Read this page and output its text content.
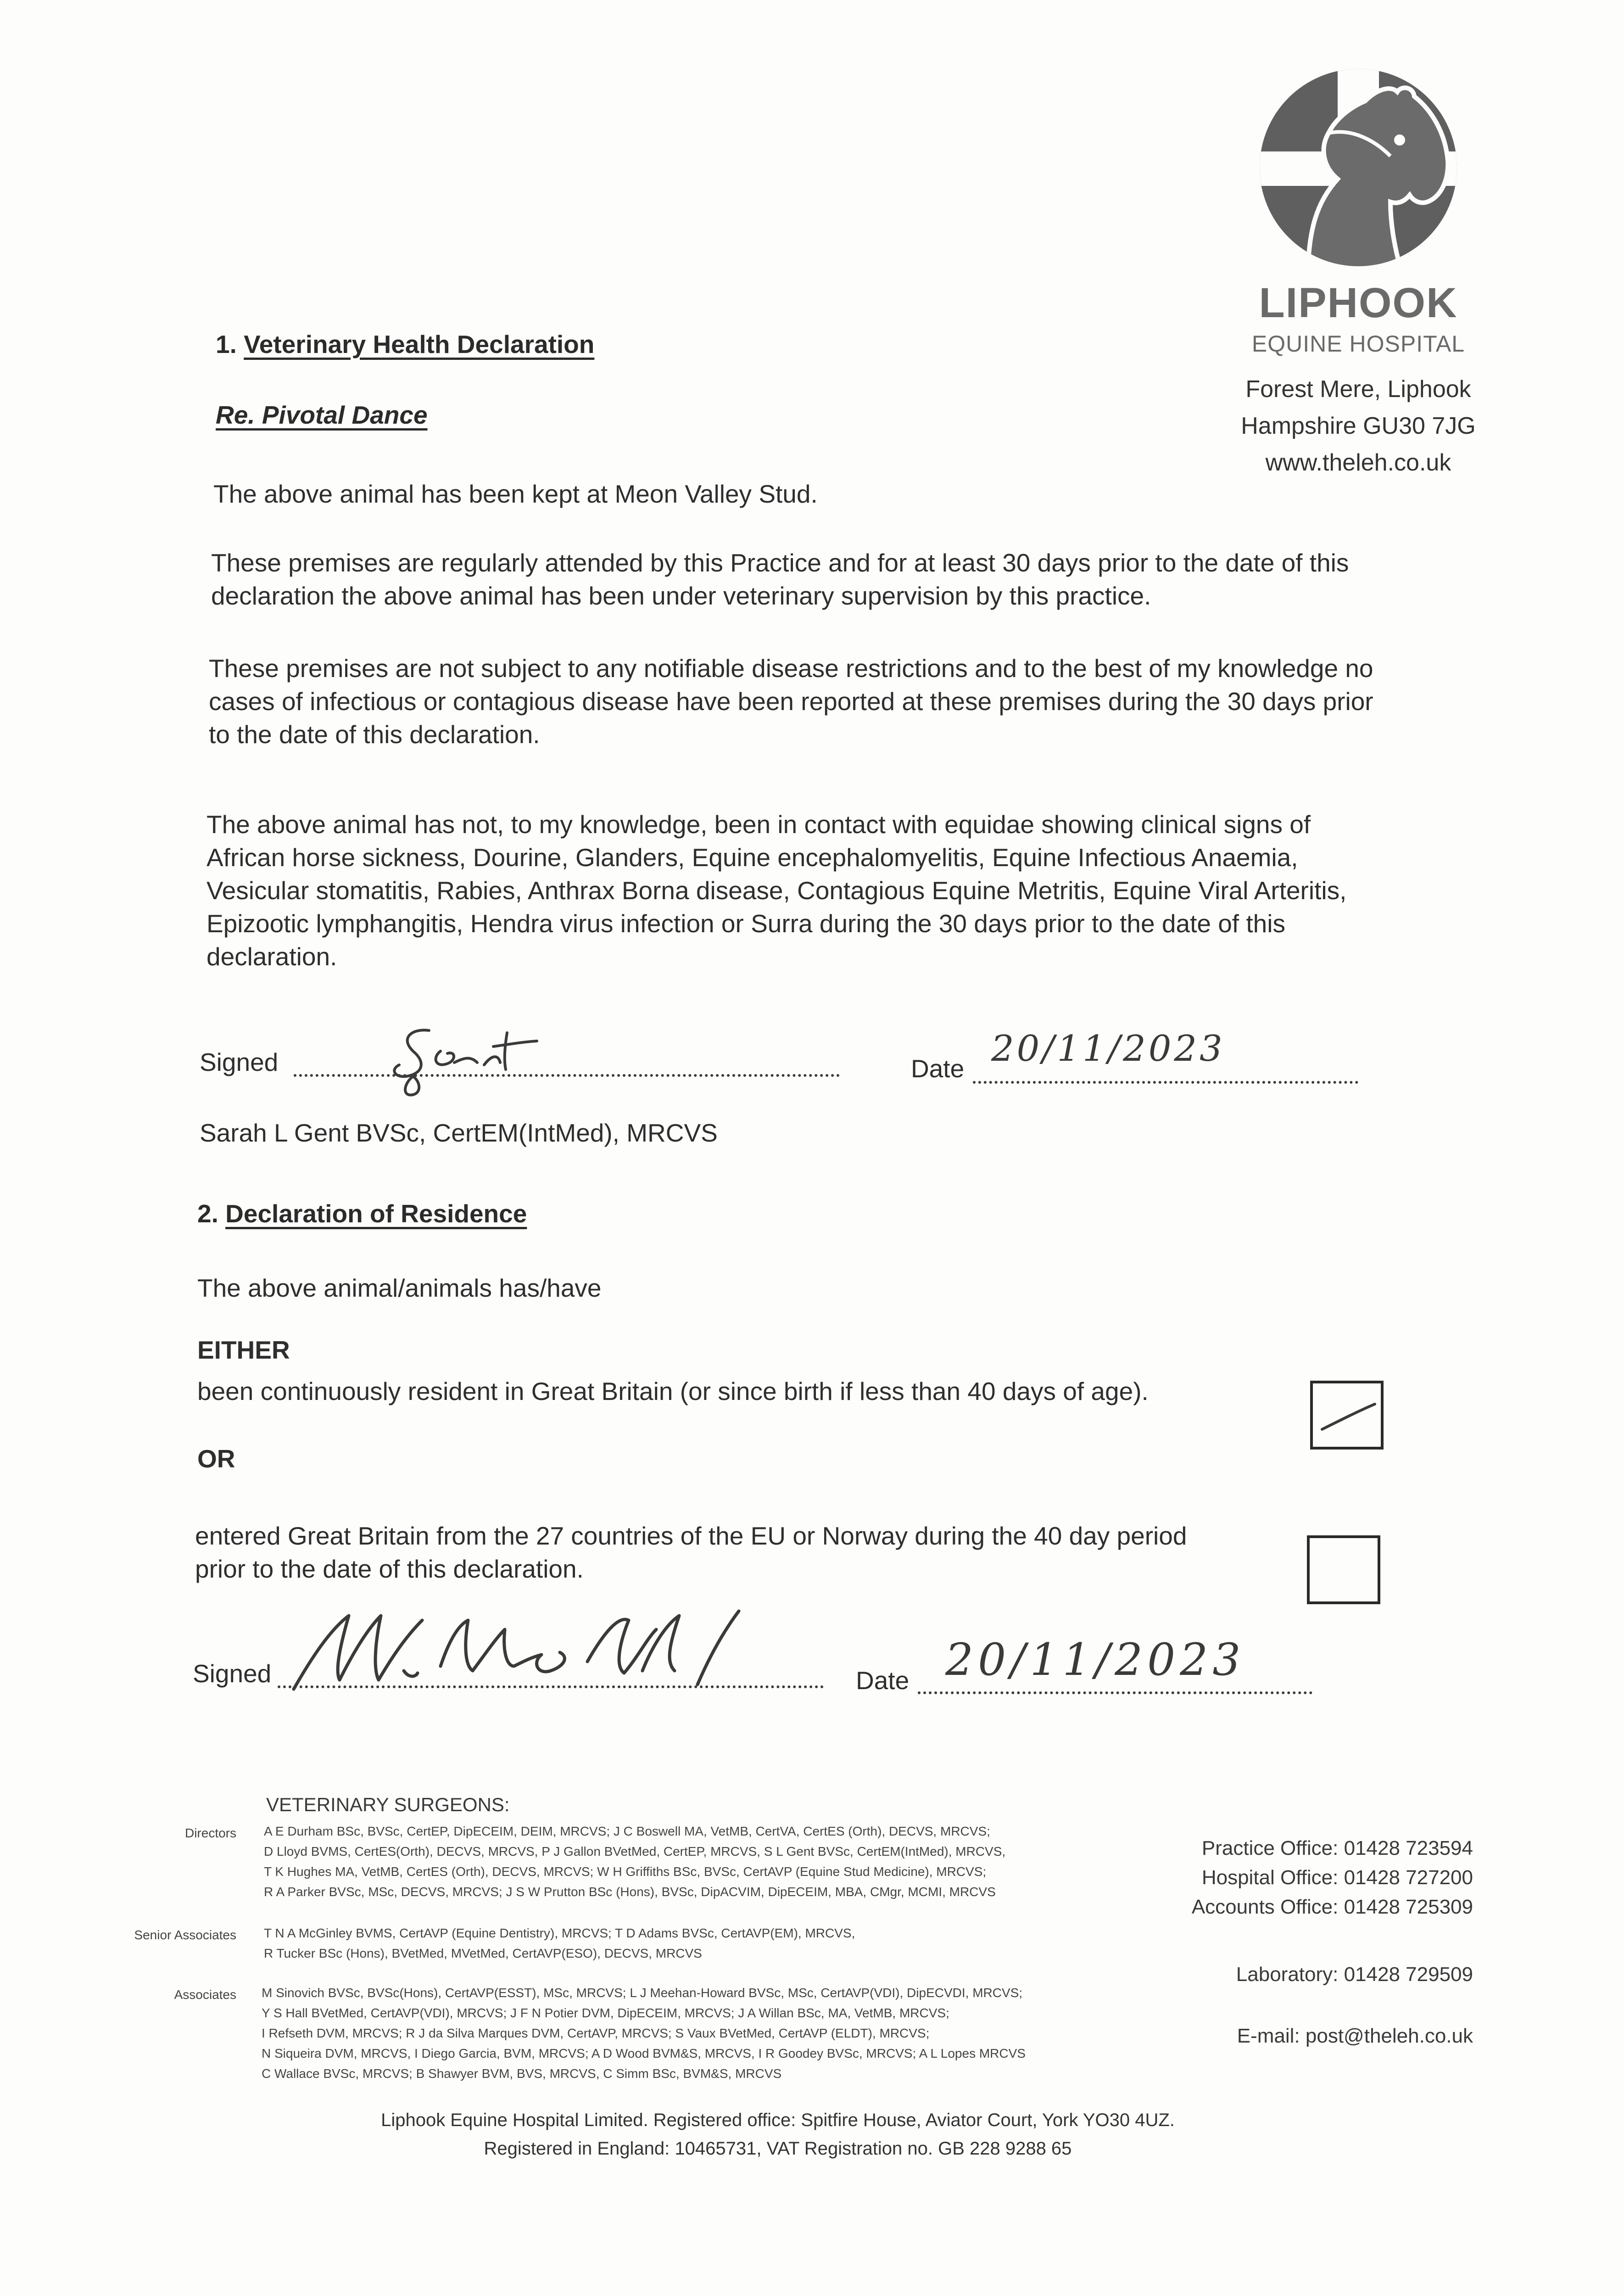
LIPHOOK
EQUINE HOSPITAL
Forest Mere, Liphook
Hampshire GU30 7JG
www.theleh.co.uk
1. Veterinary Health Declaration
Re. Pivotal Dance
The above animal has been kept at Meon Valley Stud.
These premises are regularly attended by this Practice and for at least 30 days prior to the date of this
declaration the above animal has been under veterinary supervision by this practice.
These premises are not subject to any notifiable disease restrictions and to the best of my knowledge no
cases of infectious or contagious disease have been reported at these premises during the 30 days prior
to the date of this declaration.
The above animal has not, to my knowledge, been in contact with equidae showing clinical signs of
African horse sickness, Dourine, Glanders, Equine encephalomyelitis, Equine Infectious Anaemia,
Vesicular stomatitis, Rabies, Anthrax Borna disease, Contagious Equine Metritis, Equine Viral Arteritis,
Epizootic lymphangitis, Hendra virus infection or Surra during the 30 days prior to the date of this
declaration.
Signed	Date 20/11/2023
Sarah L Gent BVSc, CertEM(IntMed), MRCVS
2. Declaration of Residence
The above animal/animals has/have
EITHER
been continuously resident in Great Britain (or since birth if less than 40 days of age).
OR
entered Great Britain from the 27 countries of the EU or Norway during the 40 day period
prior to the date of this declaration.
Signed	Date 20/11/2023
VETERINARY SURGEONS:
Directors A E Durham BSc, BVSc, CertEP, DipECEIM, DEIM, MRCVS; J C Boswell MA, VetMB, CertVA, CertES (Orth), DECVS, MRCVS;
D Lloyd BVMS, CertES(Orth), DECVS, MRCVS, P J Gallon BVetMed, CertEP, MRCVS, S L Gent BVSc, CertEM(IntMed), MRCVS,
T K Hughes MA, VetMB, CertES (Orth), DECVS, MRCVS; W H Griffiths BSc, BVSc, CertAVP (Equine Stud Medicine), MRCVS;
R A Parker BVSc, MSc, DECVS, MRCVS; J S W Prutton BSc (Hons), BVSc, DipACVIM, DipECEIM, MBA, CMgr, MCMI, MRCVS
Senior Associates T N A McGinley BVMS, CertAVP (Equine Dentistry), MRCVS; T D Adams BVSc, CertAVP(EM), MRCVS,
R Tucker BSc (Hons), BVetMed, MVetMed, CertAVP(ESO), DECVS, MRCVS
Associates M Sinovich BVSc, BVSc(Hons), CertAVP(ESST), MSc, MRCVS; L J Meehan-Howard BVSc, MSc, CertAVP(VDI), DipECVDI, MRCVS;
Y S Hall BVetMed, CertAVP(VDI), MRCVS; J F N Potier DVM, DipECEIM, MRCVS; J A Willan BSc, MA, VetMB, MRCVS;
I Refseth DVM, MRCVS; R J da Silva Marques DVM, CertAVP, MRCVS; S Vaux BVetMed, CertAVP (ELDT), MRCVS;
N Siqueira DVM, MRCVS, I Diego Garcia, BVM, MRCVS; A D Wood BVM&S, MRCVS, I R Goodey BVSc, MRCVS; A L Lopes MRCVS
C Wallace BVSc, MRCVS; B Shawyer BVM, BVS, MRCVS, C Simm BSc, BVM&S, MRCVS
Practice Office: 01428 723594
Hospital Office: 01428 727200
Accounts Office: 01428 725309
Laboratory: 01428 729509
E-mail: post@theleh.co.uk
Liphook Equine Hospital Limited. Registered office: Spitfire House, Aviator Court, York YO30 4UZ.
Registered in England: 10465731, VAT Registration no. GB 228 9288 65
